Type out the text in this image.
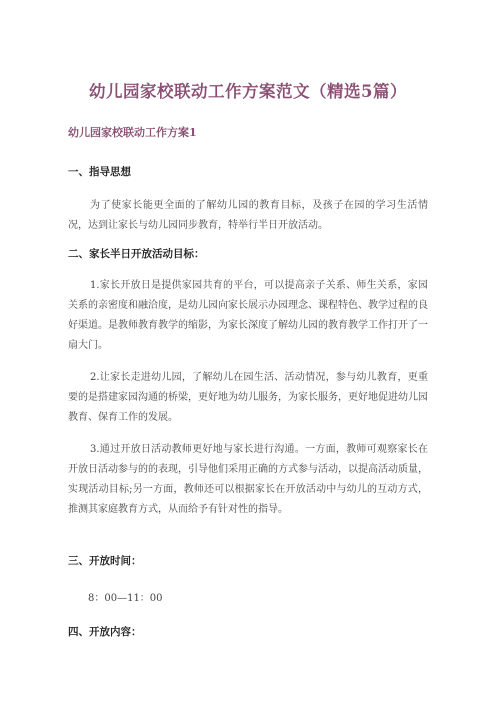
幼儿园家校联动工作方案范文（精选5篇）
幼儿园家校联动工作方案1
一、指导思想
为了使家长能更全面的了解幼儿园的教育目标，及孩子在园的学习生活情况，达到让家长与幼儿园同步教育，特举行半日开放活动。
二、家长半日开放活动目标：
1.家长开放日是提供家园共育的平台，可以提高亲子关系、师生关系，家园关系的亲密度和融洽度，是幼儿园向家长展示办园理念、课程特色、教学过程的良好渠道。是教师教育教学的缩影，为家长深度了解幼儿园的教育教学工作打开了一扇大门。
2.让家长走进幼儿园，了解幼儿在园生活、活动情况，参与幼儿教育，更重要的是搭建家园沟通的桥梁，更好地为幼儿服务，为家长服务，更好地促进幼儿园教育、保育工作的发展。
3.通过开放日活动教师更好地与家长进行沟通。一方面，教师可观察家长在开放日活动参与的的表现，引导他们采用正确的方式参与活动，以提高活动质量，实现活动目标;另一方面，教师还可以根据家长在开放活动中与幼儿的互动方式，推测其家庭教育方式，从而给予有针对性的指导。
三、开放时间：
8：00—11：00
四、开放内容：
